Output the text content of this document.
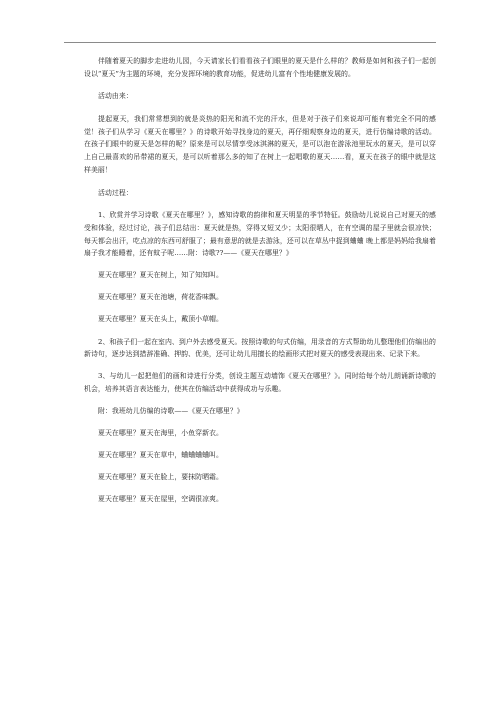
伴随着夏天的脚步走进幼儿园，今天请家长们看看孩子们眼里的夏天是什么样的？教师是如何和孩子们一起创设以“夏天”为主题的环境，充分发挥环境的教育功能，促进幼儿富有个性地健康发展的。

活动由来：

提起夏天，我们常常想到的就是炎热的阳光和流不完的汗水，但是对于孩子们来说却可能有着完全不同的感觉！孩子们从学习《夏天在哪里？》的诗歌开始寻找身边的夏天，再仔细观察身边的夏天，进行仿编诗歌的活动。在孩子们眼中的夏天是怎样的呢？原来是可以尽情享受冰淇淋的夏天，是可以泡在游泳池里玩水的夏天，是可以穿上自己最喜欢的吊带裙的夏天，是可以听着那么多的知了在树上一起唱歌的夏天……看，夏天在孩子的眼中就是这样美丽！

活动过程：

1、欣赏并学习诗歌《夏天在哪里？》，感知诗歌的韵律和夏天明显的季节特征。鼓励幼儿说说自己对夏天的感受和体验，经过讨论，孩子们总结出：夏天就是热，穿得又短又少；太阳很晒人，在有空调的屋子里就会很凉快；每天都会出汗，吃点凉的东西可舒服了；最有意思的就是去游泳，还可以在草丛中捉到蛐蛐 晚上都是妈妈给我扇着扇子我才能睡着，还有蚊子呢……附：诗歌??——《夏天在哪里？》

夏天在哪里？夏天在树上，知了知知叫。

夏天在哪里？夏天在池塘，荷花香味飘。

夏天在哪里？夏天在头上，戴顶小草帽。

2、和孩子们一起在室内、到户外去感受夏天。按照诗歌的句式仿编，用录音的方式帮助幼儿整理他们仿编出的新诗句，逐步达到措辞准确、押韵、优美，还可让幼儿用擅长的绘画形式把对夏天的感受表现出来、记录下来。

3、与幼儿一起把他们的画和诗进行分类，创设主题互动墙饰《夏天在哪里？》。同时给每个幼儿朗诵新诗歌的机会，培养其语言表达能力，使其在仿编活动中获得成功与乐趣。

附：我班幼儿仿编的诗歌——《夏天在哪里？》

夏天在哪里？夏天在海里，小鱼穿新衣。

夏天在哪里？夏天在草中，蛐蛐蛐蛐叫。

夏天在哪里？夏天在脸上，要抹防晒霜。

夏天在哪里？夏天在屋里，空调很凉爽。
